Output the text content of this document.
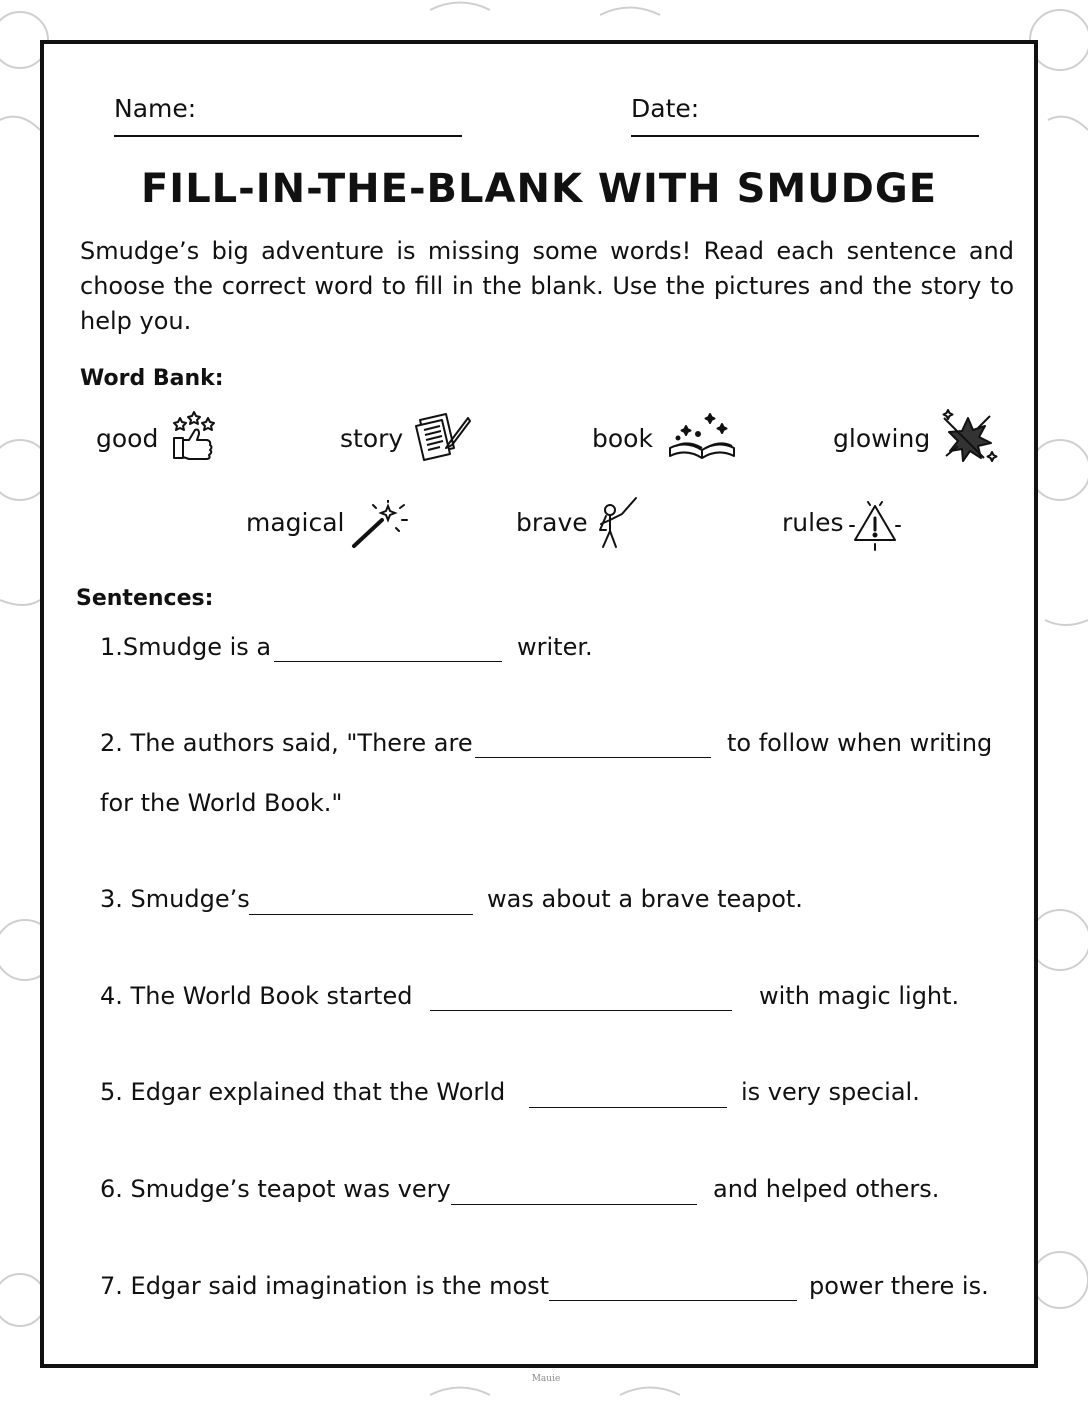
Name:	Date:
FILL-IN-THE-BLANK WITH SMUDGE
Smudge’s big adventure is missing some words! Read each sentence and choose the correct word to fill in the blank. Use the pictures and the story to help you.
Word Bank:
good	story	book	glowing
magical	brave	rules
Sentences:
1.Smudge is a	writer.
2. The authors said, "There are	to follow when writing
for the World Book."
3. Smudge’s	was about a brave teapot.
4. The World Book started	with magic light.
5. Edgar explained that the World	is very special.
6. Smudge’s teapot was very	and helped others.
7. Edgar said imagination is the most	power there is.
Mauie
